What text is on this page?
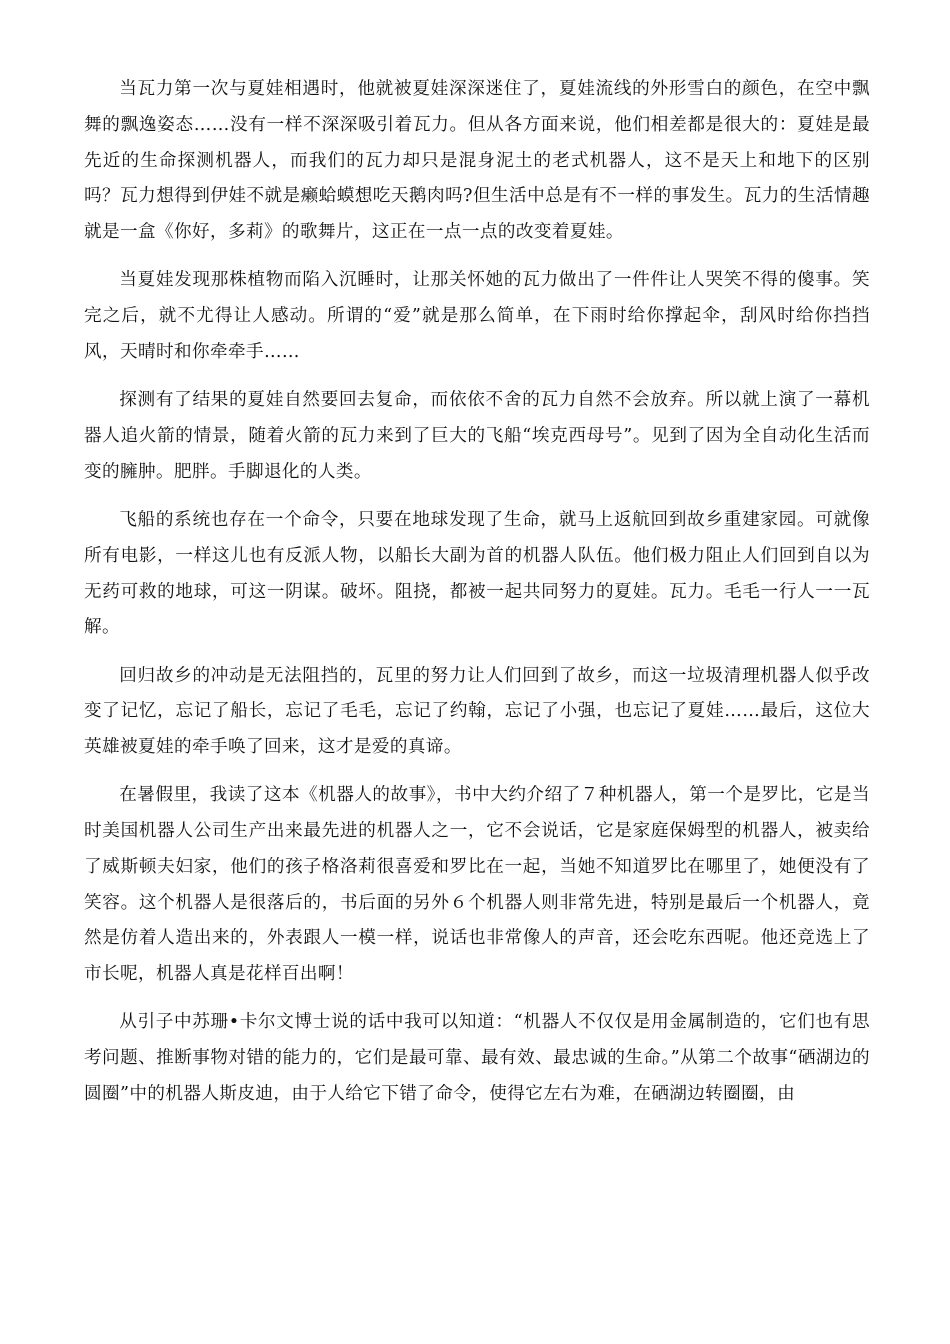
当瓦力第一次与夏娃相遇时，他就被夏娃深深迷住了，夏娃流线的外形雪白的颜色，在空中飘舞的飘逸姿态……没有一样不深深吸引着瓦力。但从各方面来说，他们相差都是很大的：夏娃是最先近的生命探测机器人，而我们的瓦力却只是混身泥土的老式机器人，这不是天上和地下的区别吗？瓦力想得到伊娃不就是癞蛤蟆想吃天鹅肉吗?但生活中总是有不一样的事发生。瓦力的生活情趣就是一盒《你好，多莉》的歌舞片，这正在一点一点的改变着夏娃。

当夏娃发现那株植物而陷入沉睡时，让那关怀她的瓦力做出了一件件让人哭笑不得的傻事。笑完之后，就不尤得让人感动。所谓的“爱”就是那么简单，在下雨时给你撑起伞，刮风时给你挡挡风，天晴时和你牵牵手……

探测有了结果的夏娃自然要回去复命，而依依不舍的瓦力自然不会放弃。所以就上演了一幕机器人追火箭的情景，随着火箭的瓦力来到了巨大的飞船“埃克西母号”。见到了因为全自动化生活而变的臃肿。肥胖。手脚退化的人类。

飞船的系统也存在一个命令，只要在地球发现了生命，就马上返航回到故乡重建家园。可就像所有电影，一样这儿也有反派人物，以船长大副为首的机器人队伍。他们极力阻止人们回到自以为无药可救的地球，可这一阴谋。破坏。阻挠，都被一起共同努力的夏娃。瓦力。毛毛一行人一一瓦解。

回归故乡的冲动是无法阻挡的，瓦里的努力让人们回到了故乡，而这一垃圾清理机器人似乎改变了记忆，忘记了船长，忘记了毛毛，忘记了约翰，忘记了小强，也忘记了夏娃……最后，这位大英雄被夏娃的牵手唤了回来，这才是爱的真谛。

在暑假里，我读了这本《机器人的故事》，书中大约介绍了７种机器人，第一个是罗比，它是当时美国机器人公司生产出来最先进的机器人之一，它不会说话，它是家庭保姆型的机器人，被卖给了威斯顿夫妇家，他们的孩子格洛莉很喜爱和罗比在一起，当她不知道罗比在哪里了，她便没有了笑容。这个机器人是很落后的，书后面的另外６个机器人则非常先进，特别是最后一个机器人，竟然是仿着人造出来的，外表跟人一模一样，说话也非常像人的声音，还会吃东西呢。他还竞选上了市长呢，机器人真是花样百出啊！

从引子中苏珊•卡尔文博士说的话中我可以知道：“机器人不仅仅是用金属制造的，它们也有思考问题、推断事物对错的能力的，它们是最可靠、最有效、最忠诚的生命。”从第二个故事“硒湖边的圆圈”中的机器人斯皮迪，由于人给它下错了命令，使得它左右为难，在硒湖边转圈圈，由
